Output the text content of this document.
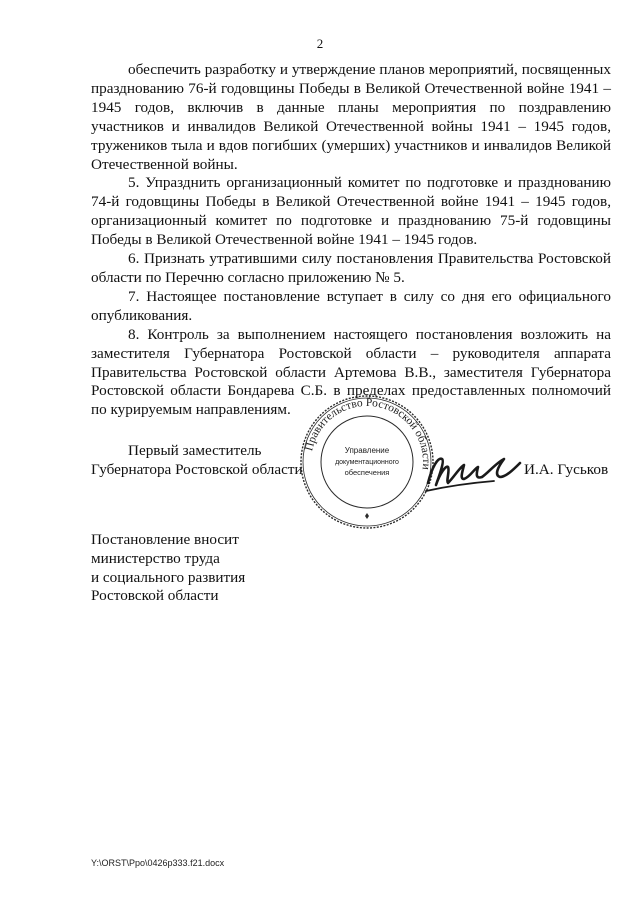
2

обеспечить разработку и утверждение планов мероприятий, посвященных празднованию 76-й годовщины Победы в Великой Отечественной войне 1941 – 1945 годов, включив в данные планы мероприятия по поздравлению участников и инвалидов Великой Отечественной войны 1941 – 1945 годов, тружеников тыла и вдов погибших (умерших) участников и инвалидов Великой Отечественной войны.

5. Упразднить организационный комитет по подготовке и празднованию 74-й годовщины Победы в Великой Отечественной войне 1941 – 1945 годов, организационный комитет по подготовке и празднованию 75-й годовщины Победы в Великой Отечественной войне 1941 – 1945 годов.

6. Признать утратившими силу постановления Правительства Ростовской области по Перечню согласно приложению № 5.

7. Настоящее постановление вступает в силу со дня его официального опубликования.

8. Контроль за выполнением настоящего постановления возложить на заместителя Губернатора Ростовской области – руководителя аппарата Правительства Ростовской области Артемова В.В., заместителя Губернатора Ростовской области Бондарева С.Б. в пределах предоставленных полномочий по курируемым направлениям.

Первый заместитель
Губернатора Ростовской области	И.А. Гуськов
Правительство Ростовской области
Управление
документационного
обеспечения
Постановление вносит
министерство труда
и социального развития
Ростовской области
Y:\ORST\Ppo\0426p333.f21.docx
